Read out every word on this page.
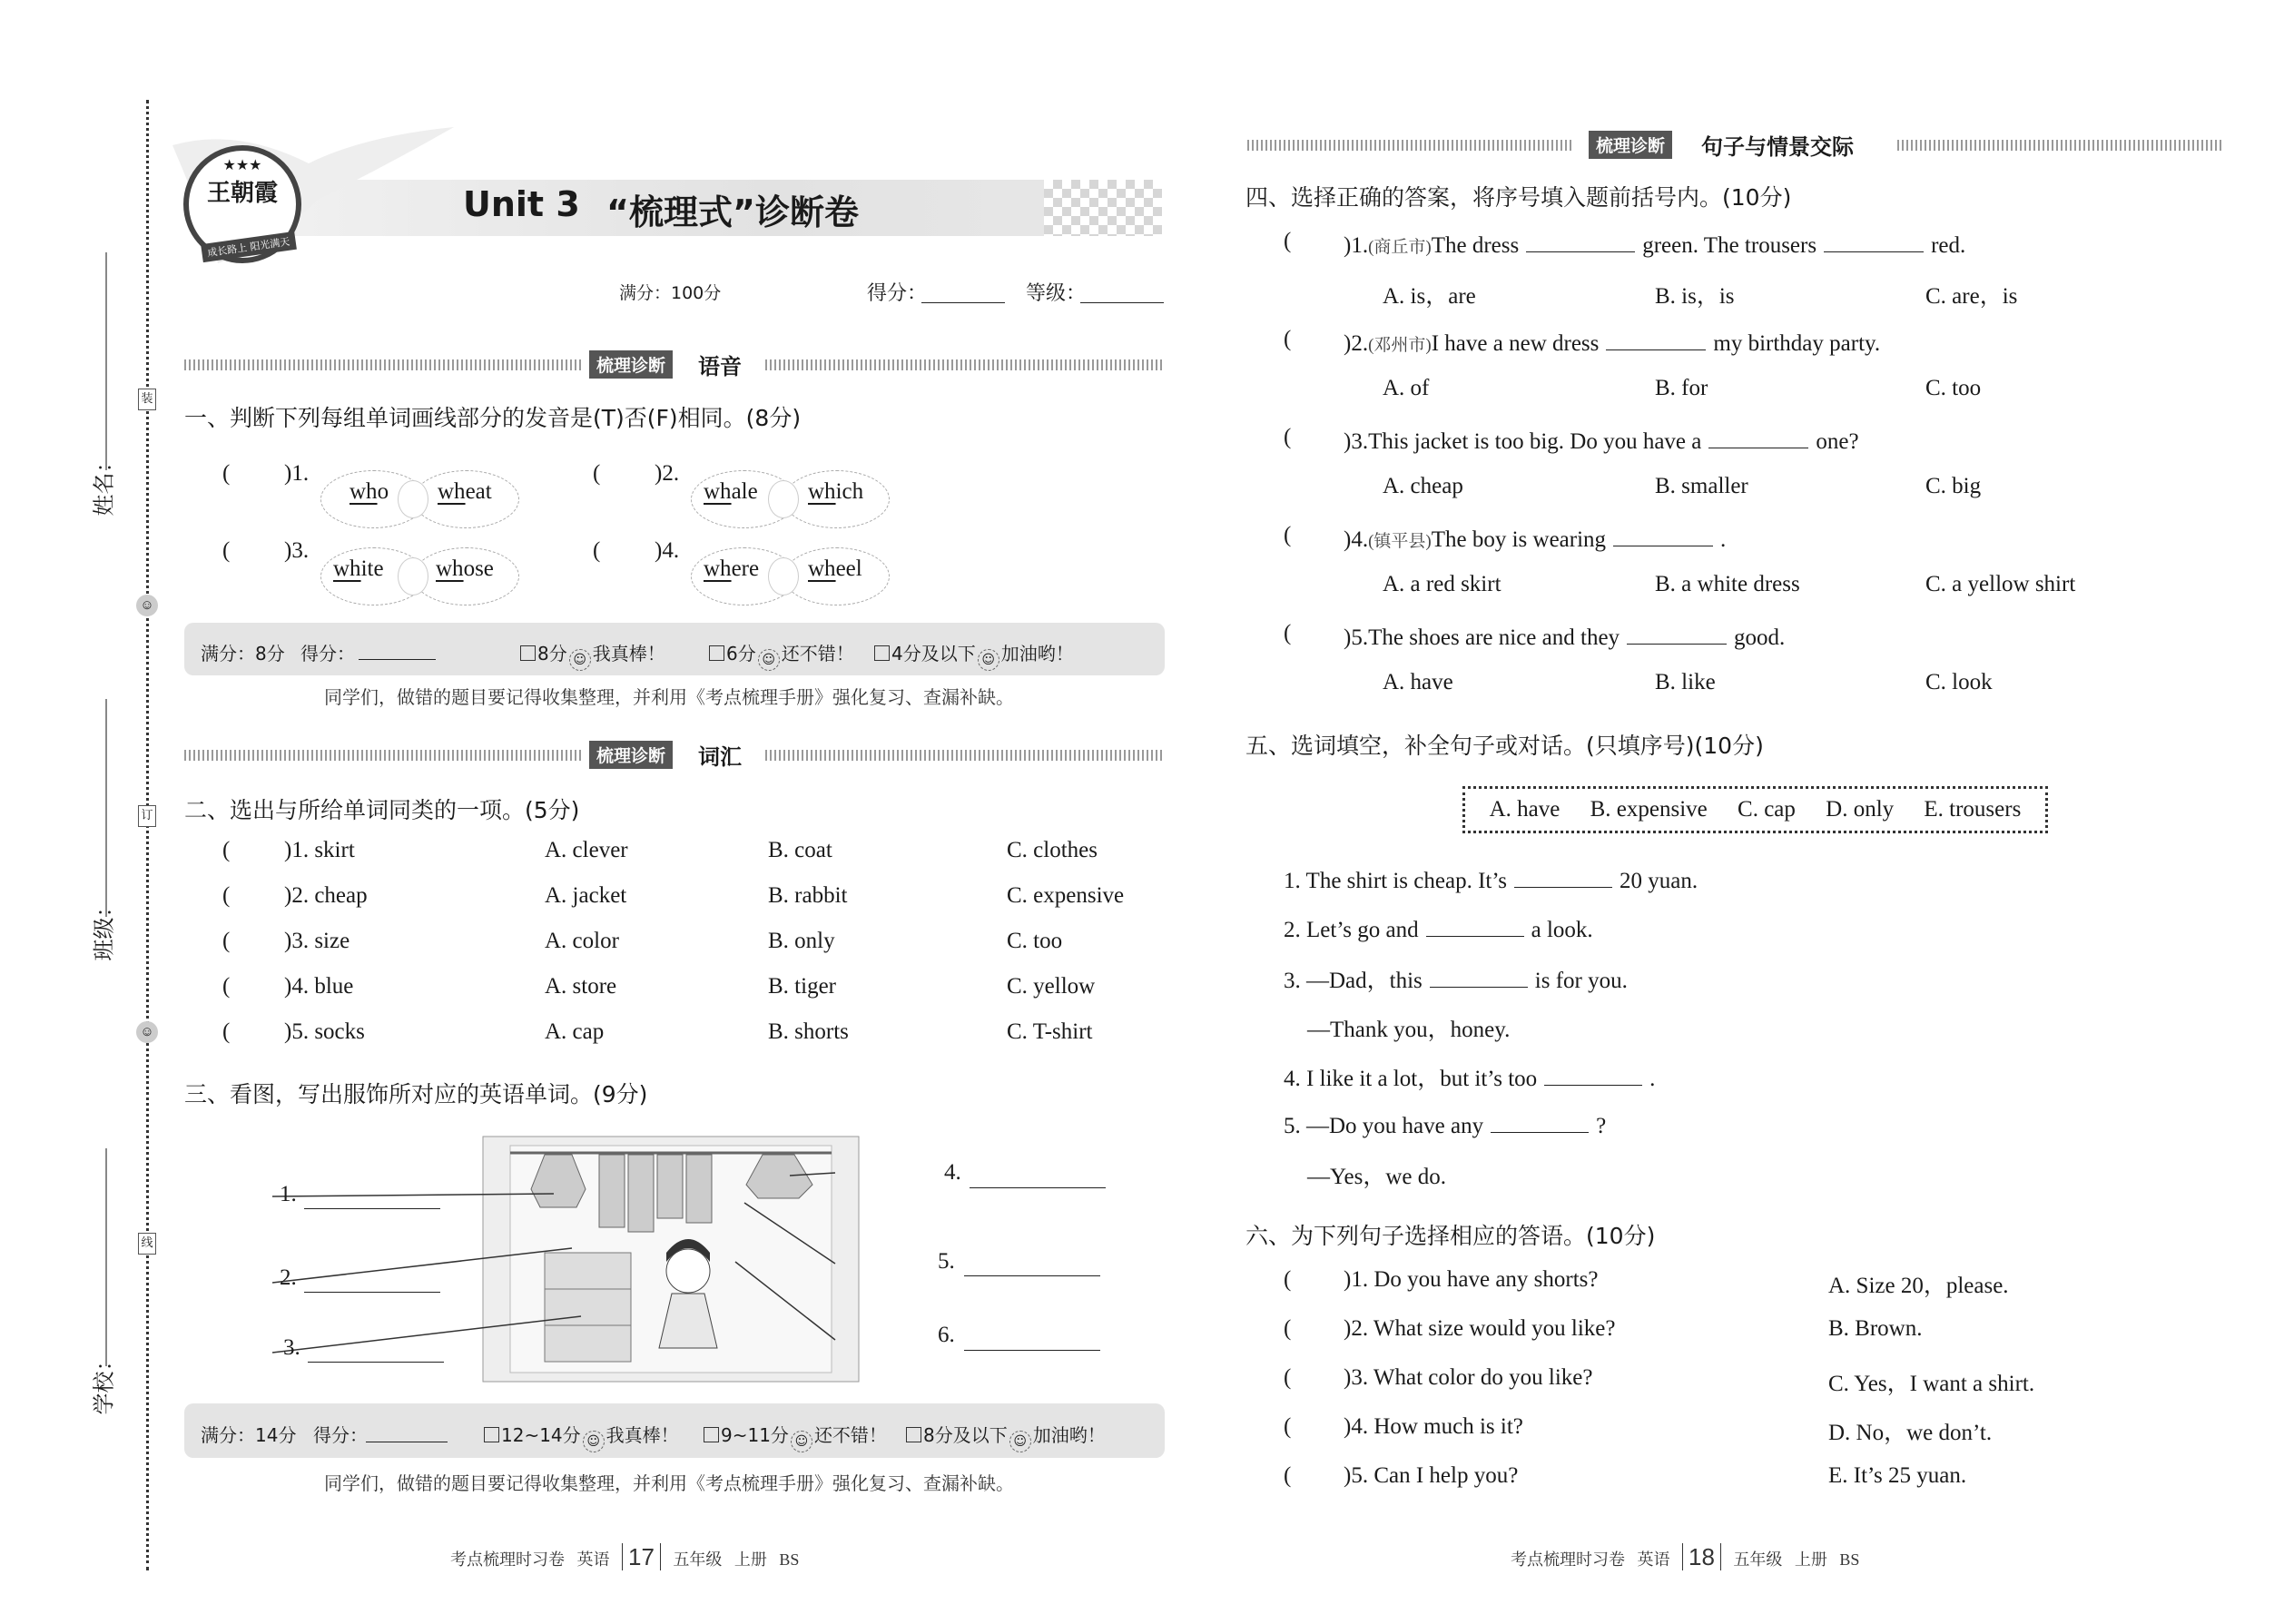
装
订
线
☺
☺
姓名：
班级：
学校：
★★★
王朝霞
成长路上 阳光满天
Unit 3 “梳理式”诊断卷
满分：100分	得分：	等级：
梳理诊断	语音
一、判断下列每组单词画线部分的发音是(T)否(F)相同。(8分)
( )1.
who wheat
( )2.
whale which
( )3.
white whose
( )4.
where wheel
满分：8分 得分：	8分 ☺ 我真棒！	6分 ☺ 还不错！	4分及以下 ☺ 加油哟！
同学们，做错的题目要记得收集整理，并利用《考点梳理手册》强化复习、查漏补缺。
梳理诊断	词汇
二、选出与所给单词同类的一项。(5分)
( )1. skirt	A. clever	B. coat	C. clothes
( )2. cheap	A. jacket	B. rabbit	C. expensive
( )3. size	A. color	B. only	C. too
( )4. blue	A. store	B. tiger	C. yellow
( )5. socks	A. cap	B. shorts	C. T-shirt
三、看图，写出服饰所对应的英语单词。(9分)
1.
2.
3.
4.
5.
6.
满分：14分 得分：	12~14分 ☺ 我真棒！	9~11分 ☺ 还不错！	8分及以下 ☺ 加油哟！
同学们，做错的题目要记得收集整理，并利用《考点梳理手册》强化复习、查漏补缺。
考点梳理时习卷 英语 17 五年级 上册 BS
梳理诊断	句子与情景交际
四、选择正确的答案，将序号填入题前括号内。(10分)
( )1.(商丘市)The dress	green. The trousers	red.
A. is，are	B. is，is	C. are，is
( )2.(邓州市)I have a new dress	my birthday party.
A. of	B. for	C. too
( )3.This jacket is too big. Do you have a	one?
A. cheap	B. smaller	C. big
( )4.(镇平县)The boy is wearing	.
A. a red skirt	B. a white dress	C. a yellow shirt
( )5.The shoes are nice and they	good.
A. have	B. like	C. look
五、选词填空，补全句子或对话。(只填序号)(10分)
A. have B. expensive C. cap D. only E. trousers
1. The shirt is cheap. It’s	20 yuan.
2. Let’s go and	a look.
3. —Dad，this	is for you.
—Thank you，honey.
4. I like it a lot，but it’s too	.
5. —Do you have any	?
—Yes，we do.
六、为下列句子选择相应的答语。(10分)
( )1. Do you have any shorts?	A. Size 20，please.
( )2. What size would you like?	B. Brown.
( )3. What color do you like?	C. Yes，I want a shirt.
( )4. How much is it?	D. No，we don’t.
( )5. Can I help you?	E. It’s 25 yuan.
考点梳理时习卷 英语 18 五年级 上册 BS
